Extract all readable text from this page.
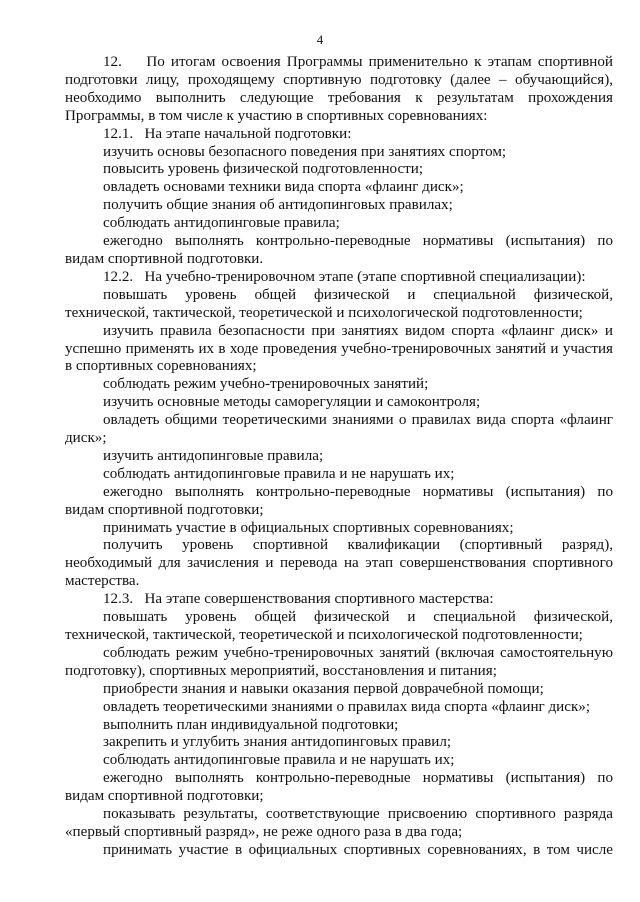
4

12.    По итогам освоения Программы применительно к этапам спортивной подготовки лицу, проходящему спортивную подготовку (далее – обучающийся), необходимо выполнить следующие требования к результатам прохождения Программы, в том числе к участию в спортивных соревнованиях:

12.1.   На этапе начальной подготовки:

изучить основы безопасного поведения при занятиях спортом;

повысить уровень физической подготовленности;

овладеть основами техники вида спорта «флаинг диск»;

получить общие знания об антидопинговых правилах;

соблюдать антидопинговые правила;

ежегодно выполнять контрольно-переводные нормативы (испытания) по видам спортивной подготовки.

12.2.   На учебно-тренировочном этапе (этапе спортивной специализации):

повышать уровень общей физической и специальной физической, технической, тактической, теоретической и психологической подготовленности;

изучить правила безопасности при занятиях видом спорта «флаинг диск» и успешно применять их в ходе проведения учебно-тренировочных занятий и участия в спортивных соревнованиях;

соблюдать режим учебно-тренировочных занятий;

изучить основные методы саморегуляции и самоконтроля;

овладеть общими теоретическими знаниями о правилах вида спорта «флаинг диск»;

изучить антидопинговые правила;

соблюдать антидопинговые правила и не нарушать их;

ежегодно выполнять контрольно-переводные нормативы (испытания) по видам спортивной подготовки;

принимать участие в официальных спортивных соревнованиях;

получить уровень спортивной квалификации (спортивный разряд), необходимый для зачисления и перевода на этап совершенствования спортивного мастерства.

12.3.   На этапе совершенствования спортивного мастерства:

повышать уровень общей физической и специальной физической, технической, тактической, теоретической и психологической подготовленности;

соблюдать режим учебно-тренировочных занятий (включая самостоятельную подготовку), спортивных мероприятий, восстановления и питания;

приобрести знания и навыки оказания первой доврачебной помощи;

овладеть теоретическими знаниями о правилах вида спорта «флаинг диск»;

выполнить план индивидуальной подготовки;

закрепить и углубить знания антидопинговых правил;

соблюдать антидопинговые правила и не нарушать их;

ежегодно выполнять контрольно-переводные нормативы (испытания) по видам спортивной подготовки;

показывать результаты, соответствующие присвоению спортивного разряда «первый спортивный разряд», не реже одного раза в два года;

принимать участие в официальных спортивных соревнованиях, в том числе
